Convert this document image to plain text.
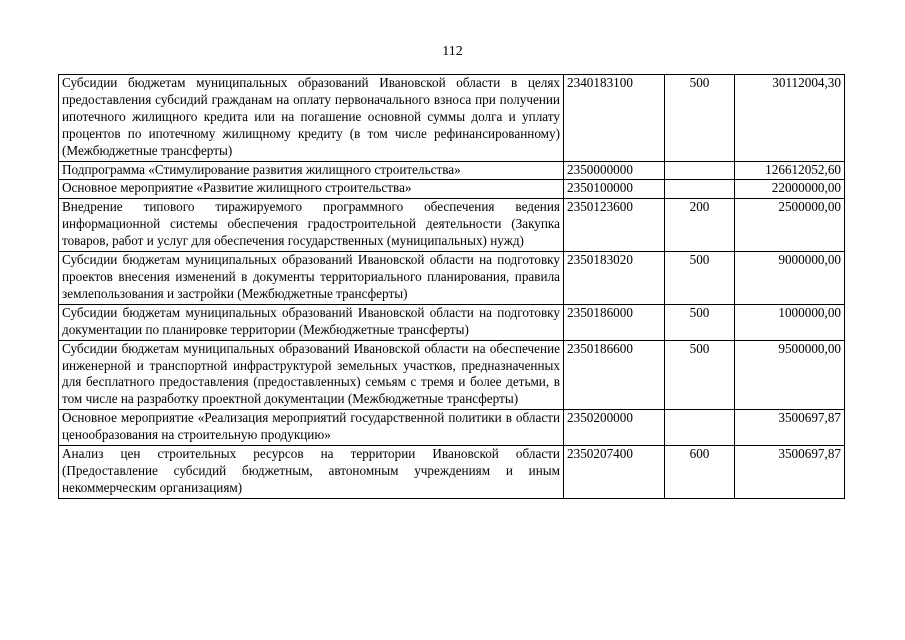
112
Субсидии бюджетам муниципальных образований Ивановской области в целях предоставления субсидий гражданам на оплату первоначального взноса при получении ипотечного жилищного кредита или на погашение основной суммы долга и уплату процентов по ипотечному жилищному кредиту (в том числе рефинансированному) (Межбюджетные трансферты)	2340183100	500	30112004,30
Подпрограмма «Стимулирование развития жилищного строительства»	2350000000		126612052,60
Основное мероприятие «Развитие жилищного строительства»	2350100000		22000000,00
Внедрение типового тиражируемого программного обеспечения ведения информационной системы обеспечения градостроительной деятельности (Закупка товаров, работ и услуг для обеспечения государственных (муниципальных) нужд)	2350123600	200	2500000,00
Субсидии бюджетам муниципальных образований Ивановской области на подготовку проектов внесения изменений в документы территориального планирования, правила землепользования и застройки (Межбюджетные трансферты)	2350183020	500	9000000,00
Субсидии бюджетам муниципальных образований Ивановской области на подготовку документации по планировке территории (Межбюджетные трансферты)	2350186000	500	1000000,00
Субсидии бюджетам муниципальных образований Ивановской области на обеспечение инженерной и транспортной инфраструктурой земельных участков, предназначенных для бесплатного предоставления (предоставленных) семьям с тремя и более детьми, в том числе на разработку проектной документации (Межбюджетные трансферты)	2350186600	500	9500000,00
Основное мероприятие «Реализация мероприятий государственной политики в области ценообразования на строительную продукцию»	2350200000		3500697,87
Анализ цен строительных ресурсов на территории Ивановской области (Предоставление субсидий бюджетным, автономным учреждениям и иным некоммерческим организациям)	2350207400	600	3500697,87
